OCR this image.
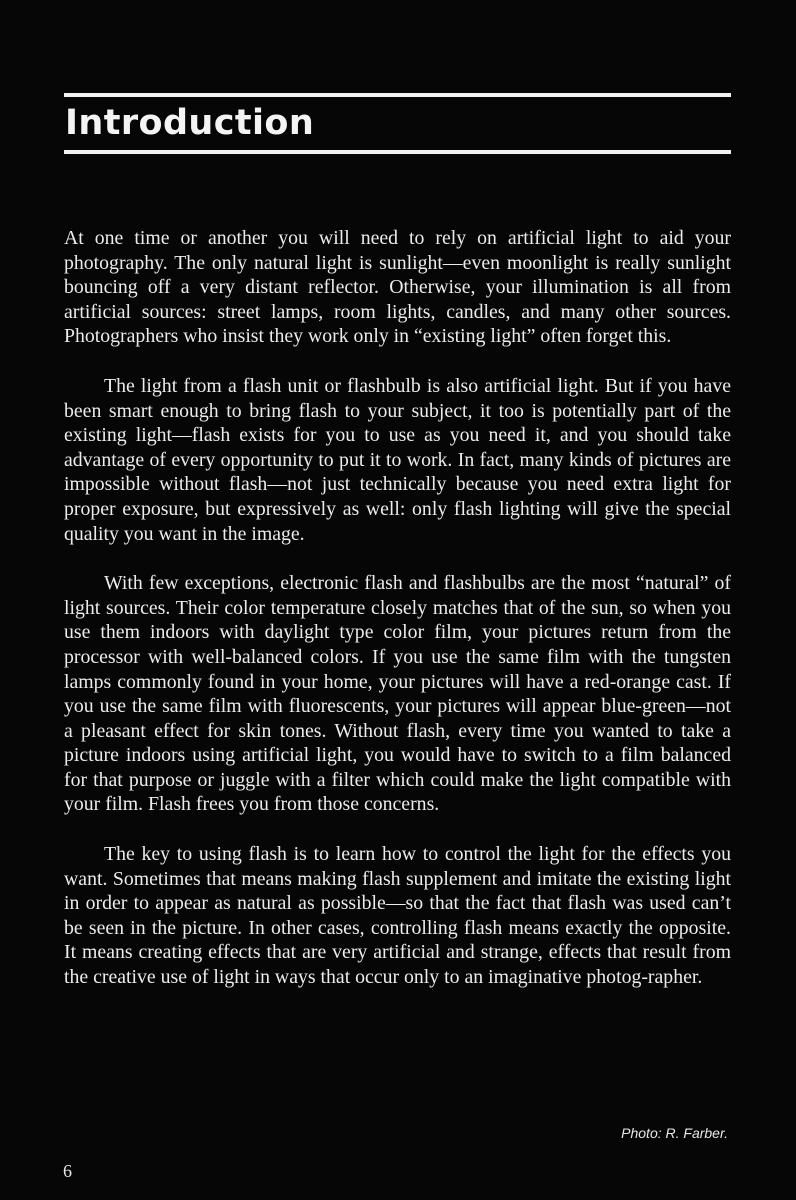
Introduction

At one time or another you will need to rely on artificial light to aid your photography. The only natural light is sunlight—even moonlight is really sunlight bouncing off a very distant reflector. Otherwise, your illumination is all from artificial sources: street lamps, room lights, candles, and many other sources. Photographers who insist they work only in “existing light” often forget this.

The light from a flash unit or flashbulb is also artificial light. But if you have been smart enough to bring flash to your subject, it too is potentially part of the existing light—flash exists for you to use as you need it, and you should take advantage of every opportunity to put it to work. In fact, many kinds of pictures are impossible without flash—not just technically because you need extra light for proper exposure, but expressively as well: only flash lighting will give the special quality you want in the image.

With few exceptions, electronic flash and flashbulbs are the most “natural” of light sources. Their color temperature closely matches that of the sun, so when you use them indoors with daylight type color film, your pictures return from the processor with well-balanced colors. If you use the same film with the tungsten lamps commonly found in your home, your pictures will have a red-orange cast. If you use the same film with fluorescents, your pictures will appear blue-green—not a pleasant effect for skin tones. Without flash, every time you wanted to take a picture indoors using artificial light, you would have to switch to a film balanced for that purpose or juggle with a filter which could make the light compatible with your film. Flash frees you from those concerns.

The key to using flash is to learn how to control the light for the effects you want. Sometimes that means making flash supplement and imitate the existing light in order to appear as natural as possible—so that the fact that flash was used can’t be seen in the picture. In other cases, controlling flash means exactly the opposite. It means creating effects that are very artificial and strange, effects that result from the creative use of light in ways that occur only to an imaginative photog-rapher.

Photo: R. Farber.
6
